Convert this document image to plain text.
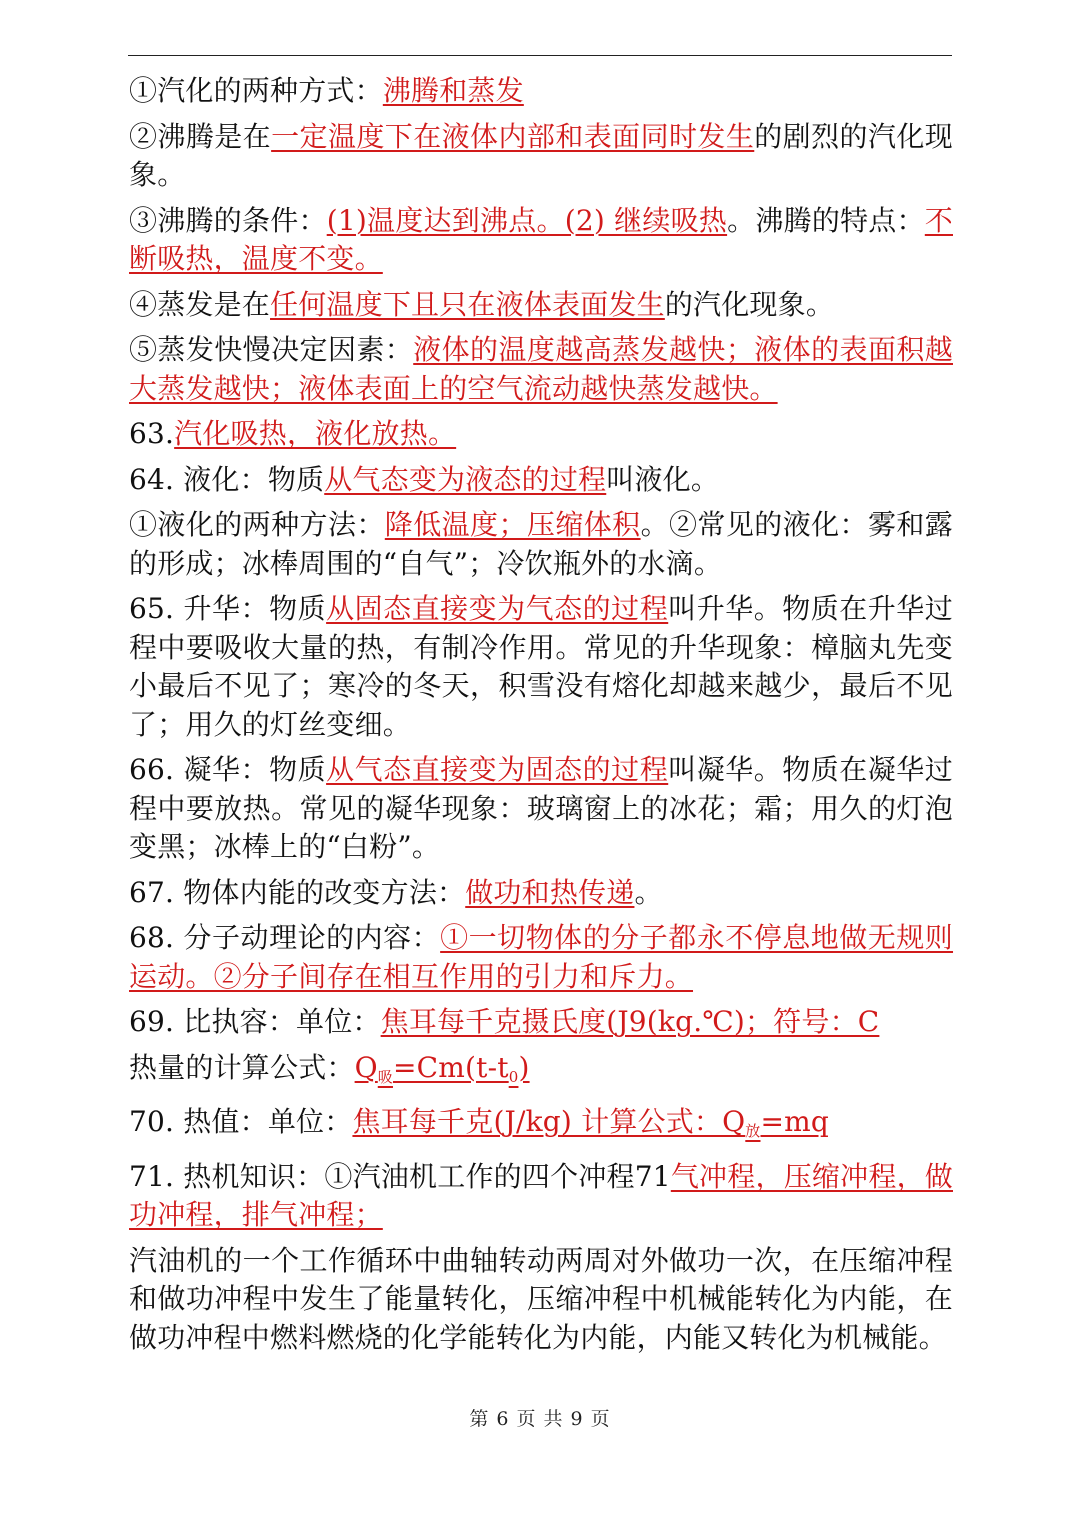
①汽化的两种方式：沸腾和蒸发

②沸腾是在一定温度下在液体内部和表面同时发生的剧烈的汽化现象。

③沸腾的条件：(1)温度达到沸点。(2) 继续吸热。沸腾的特点：不断吸热，温度不变。

④蒸发是在任何温度下且只在液体表面发生的汽化现象。

⑤蒸发快慢决定因素：液体的温度越高蒸发越快；液体的表面积越大蒸发越快；液体表面上的空气流动越快蒸发越快。

63.汽化吸热，液化放热。

64. 液化：物质从气态变为液态的过程叫液化。

①液化的两种方法：降低温度；压缩体积。②常见的液化：雾和露的形成；冰棒周围的“自气”；冷饮瓶外的水滴。

65. 升华：物质从固态直接变为气态的过程叫升华。物质在升华过程中要吸收大量的热，有制冷作用。常见的升华现象：樟脑丸先变小最后不见了；寒冷的冬天，积雪没有熔化却越来越少，最后不见了；用久的灯丝变细。

66. 凝华：物质从气态直接变为固态的过程叫凝华。物质在凝华过程中要放热。常见的凝华现象：玻璃窗上的冰花；霜；用久的灯泡变黑；冰棒上的“白粉”。

67. 物体内能的改变方法：做功和热传递。

68. 分子动理论的内容：①一切物体的分子都永不停息地做无规则运动。②分子间存在相互作用的引力和斥力。

69. 比执容：单位：焦耳每千克摄氏度(J9(kg.℃)；符号：C

热量的计算公式：Q吸=Cm(t-t0)

70. 热值：单位：焦耳每千克(J/kg) 计算公式：Q放=mq

71. 热机知识：①汽油机工作的四个冲程71气冲程，压缩冲程，做功冲程，排气冲程；

汽油机的一个工作循环中曲轴转动两周对外做功一次，在压缩冲程和做功冲程中发生了能量转化，压缩冲程中机械能转化为内能，在做功冲程中燃料燃烧的化学能转化为内能，内能又转化为机械能。

第 6 页 共 9 页
